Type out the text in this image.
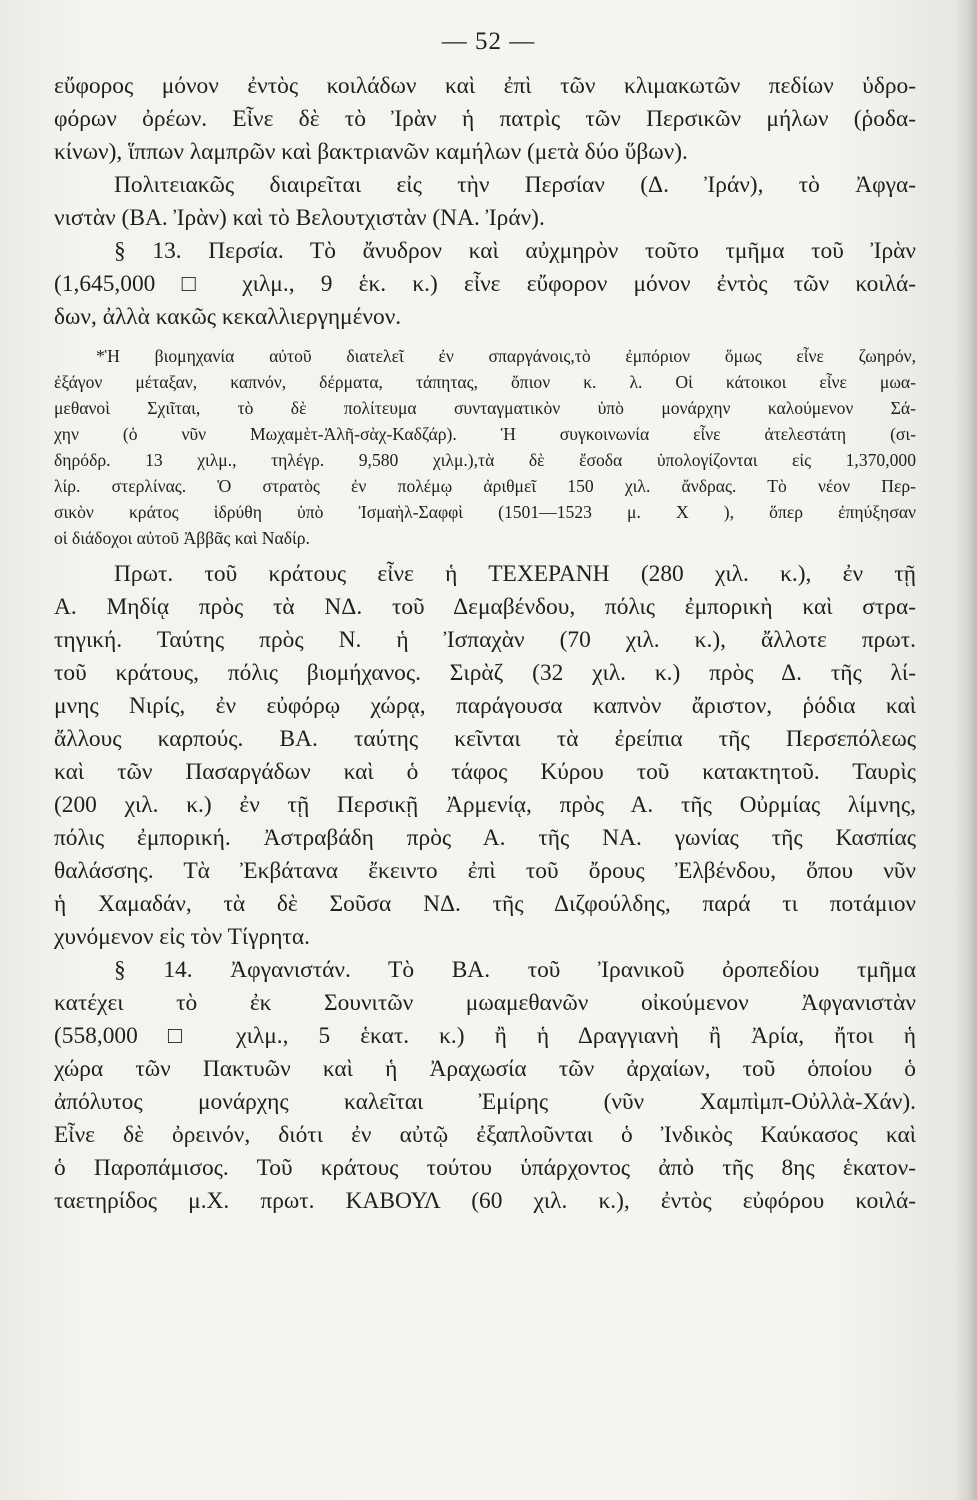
— 52 —
εὔφορος μόνον ἐντὸς κοιλάδων καὶ ἐπὶ τῶν κλιμακωτῶν πεδίων ὑδρο-
φόρων ὀρέων. Εἶνε δὲ τὸ Ἰρὰν ἡ πατρὶς τῶν Περσικῶν μήλων (ῥοδα-
κίνων), ἵππων λαμπρῶν καὶ βακτριανῶν καμήλων (μετὰ δύο ὕβων).
Πολιτειακῶς διαιρεῖται εἰς τὴν Περσίαν (Δ. Ἰράν), τὸ Ἀφγα-
νιστὰν (ΒΑ. Ἰρὰν) καὶ τὸ Βελουτχιστὰν (ΝΑ. Ἰράν).
§ 13. Περσία. Τὸ ἄνυδρον καὶ αὐχμηρὸν τοῦτο τμῆμα τοῦ Ἰρὰν
(1,645,000 □ χιλμ., 9 ἑκ. κ.) εἶνε εὔφορον μόνον ἐντὸς τῶν κοιλά-
δων, ἀλλὰ κακῶς κεκαλλιεργημένον.
*Ἡ βιομηχανία αὐτοῦ διατελεῖ ἐν σπαργάνοις,τὸ ἐμπόριον ὅμως εἶνε ζωηρόν,
ἐξάγον μέταξαν, καπνόν, δέρματα, τάπητας, ὄπιον κ. λ. Οἱ κάτοικοι εἶνε μωα-
μεθανοὶ Σχιῖται, τὸ δὲ πολίτευμα συνταγματικὸν ὑπὸ μονάρχην καλούμενον Σά-
χην (ὁ νῦν Μωχαμὲτ-Ἀλῆ-σὰχ-Καδζάρ). Ἡ συγκοινωνία εἶνε ἀτελεστάτη (σι-
δηρόδρ. 13 χιλμ., τηλέγρ. 9,580 χιλμ.),τὰ δὲ ἔσοδα ὑπολογίζονται εἰς 1,370,000
λίρ. στερλίνας. Ὁ στρατὸς ἐν πολέμῳ ἀριθμεῖ 150 χιλ. ἄνδρας. Τὸ νέον Περ-
σικὸν κράτος ἱδρύθη ὑπὸ Ἰσμαὴλ-Σαφφὶ (1501—1523 μ. Χ ), ὅπερ ἐπηύξησαν
οἱ διάδοχοι αὐτοῦ Ἀββᾶς καὶ Ναδίρ.
Πρωτ. τοῦ κράτους εἶνε ἡ ΤΕΧΕΡΑΝΗ (280 χιλ. κ.), ἐν τῇ
Α. Μηδίᾳ πρὸς τὰ ΝΔ. τοῦ Δεμαβένδου, πόλις ἐμπορικὴ καὶ στρα-
τηγική. Ταύτης πρὸς Ν. ἡ Ἰσπαχὰν (70 χιλ. κ.), ἄλλοτε πρωτ.
τοῦ κράτους, πόλις βιομήχανος. Σιρὰζ (32 χιλ. κ.) πρὸς Δ. τῆς λί-
μνης Νιρίς, ἐν εὐφόρῳ χώρᾳ, παράγουσα καπνὸν ἄριστον, ῥόδια καὶ
ἄλλους καρπούς. ΒΑ. ταύτης κεῖνται τὰ ἐρείπια τῆς Περσεπόλεως
καὶ τῶν Πασαργάδων καὶ ὁ τάφος Κύρου τοῦ κατακτητοῦ. Ταυρὶς
(200 χιλ. κ.) ἐν τῇ Περσικῇ Ἀρμενίᾳ, πρὸς Α. τῆς Οὐρμίας λίμνης,
πόλις ἐμπορική. Ἀστραβάδη πρὸς Α. τῆς ΝΑ. γωνίας τῆς Κασπίας
θαλάσσης. Τὰ Ἐκβάτανα ἔκειντο ἐπὶ τοῦ ὄρους Ἐλβένδου, ὅπου νῦν
ἡ Χαμαδάν, τὰ δὲ Σοῦσα ΝΔ. τῆς Διζφούλδης, παρά τι ποτάμιον
χυνόμενον εἰς τὸν Τίγρητα.
§ 14. Ἀφγανιστάν. Τὸ ΒΑ. τοῦ Ἰρανικοῦ ὀροπεδίου τμῆμα
κατέχει τὸ ἐκ Σουνιτῶν μωαμεθανῶν οἰκούμενον Ἀφγανιστὰν
(558,000 □ χιλμ., 5 ἑκατ. κ.) ἢ ἡ Δραγγιανὴ ἢ Ἀρία, ἤτοι ἡ
χώρα τῶν Πακτυῶν καὶ ἡ Ἀραχωσία τῶν ἀρχαίων, τοῦ ὁποίου ὁ
ἀπόλυτος μονάρχης καλεῖται Ἐμίρης (νῦν Χαμπὶμπ-Οὐλλὰ-Χάν).
Εἶνε δὲ ὀρεινόν, διότι ἐν αὐτῷ ἐξαπλοῦνται ὁ Ἰνδικὸς Καύκασος καὶ
ὁ Παροπάμισος. Τοῦ κράτους τούτου ὑπάρχοντος ἀπὸ τῆς 8ης ἑκατον-
ταετηρίδος μ.Χ. πρωτ. ΚΑΒΟΥΛ (60 χιλ. κ.), ἐντὸς εὐφόρου κοιλά-
